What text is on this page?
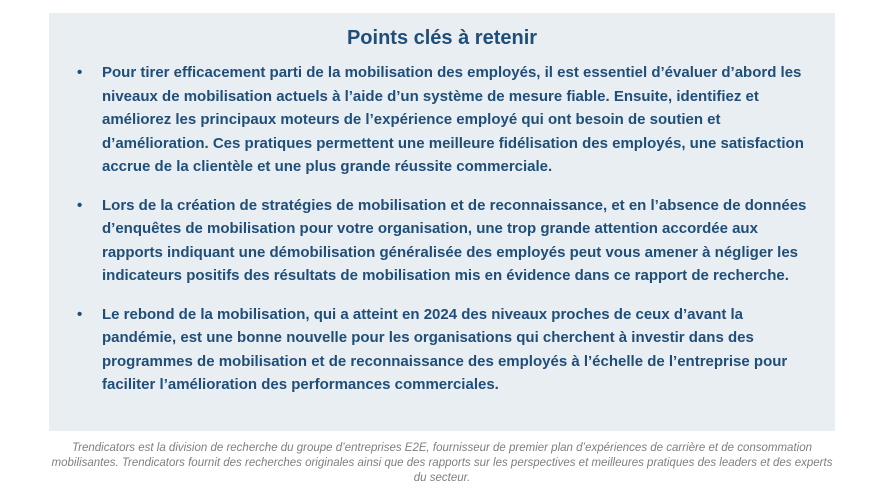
Points clés à retenir
• Pour tirer efficacement parti de la mobilisation des employés, il est essentiel d’évaluer d’abord les niveaux de mobilisation actuels à l’aide d’un système de mesure fiable. Ensuite, identifiez et améliorez les principaux moteurs de l’expérience employé qui ont besoin de soutien et d’amélioration. Ces pratiques permettent une meilleure fidélisation des employés, une satisfaction accrue de la clientèle et une plus grande réussite commerciale.
• Lors de la création de stratégies de mobilisation et de reconnaissance, et en l’absence de données d’enquêtes de mobilisation pour votre organisation, une trop grande attention accordée aux rapports indiquant une démobilisation généralisée des employés peut vous amener à négliger les indicateurs positifs des résultats de mobilisation mis en évidence dans ce rapport de recherche.
• Le rebond de la mobilisation, qui a atteint en 2024 des niveaux proches de ceux d’avant la pandémie, est une bonne nouvelle pour les organisations qui cherchent à investir dans des programmes de mobilisation et de reconnaissance des employés à l’échelle de l’entreprise pour faciliter l’amélioration des performances commerciales.

Trendicators est la division de recherche du groupe d’entreprises E2E, fournisseur de premier plan d’expériences de carrière et de consommation mobilisantes. Trendicators fournit des recherches originales ainsi que des rapports sur les perspectives et meilleures pratiques des leaders et des experts du secteur.
